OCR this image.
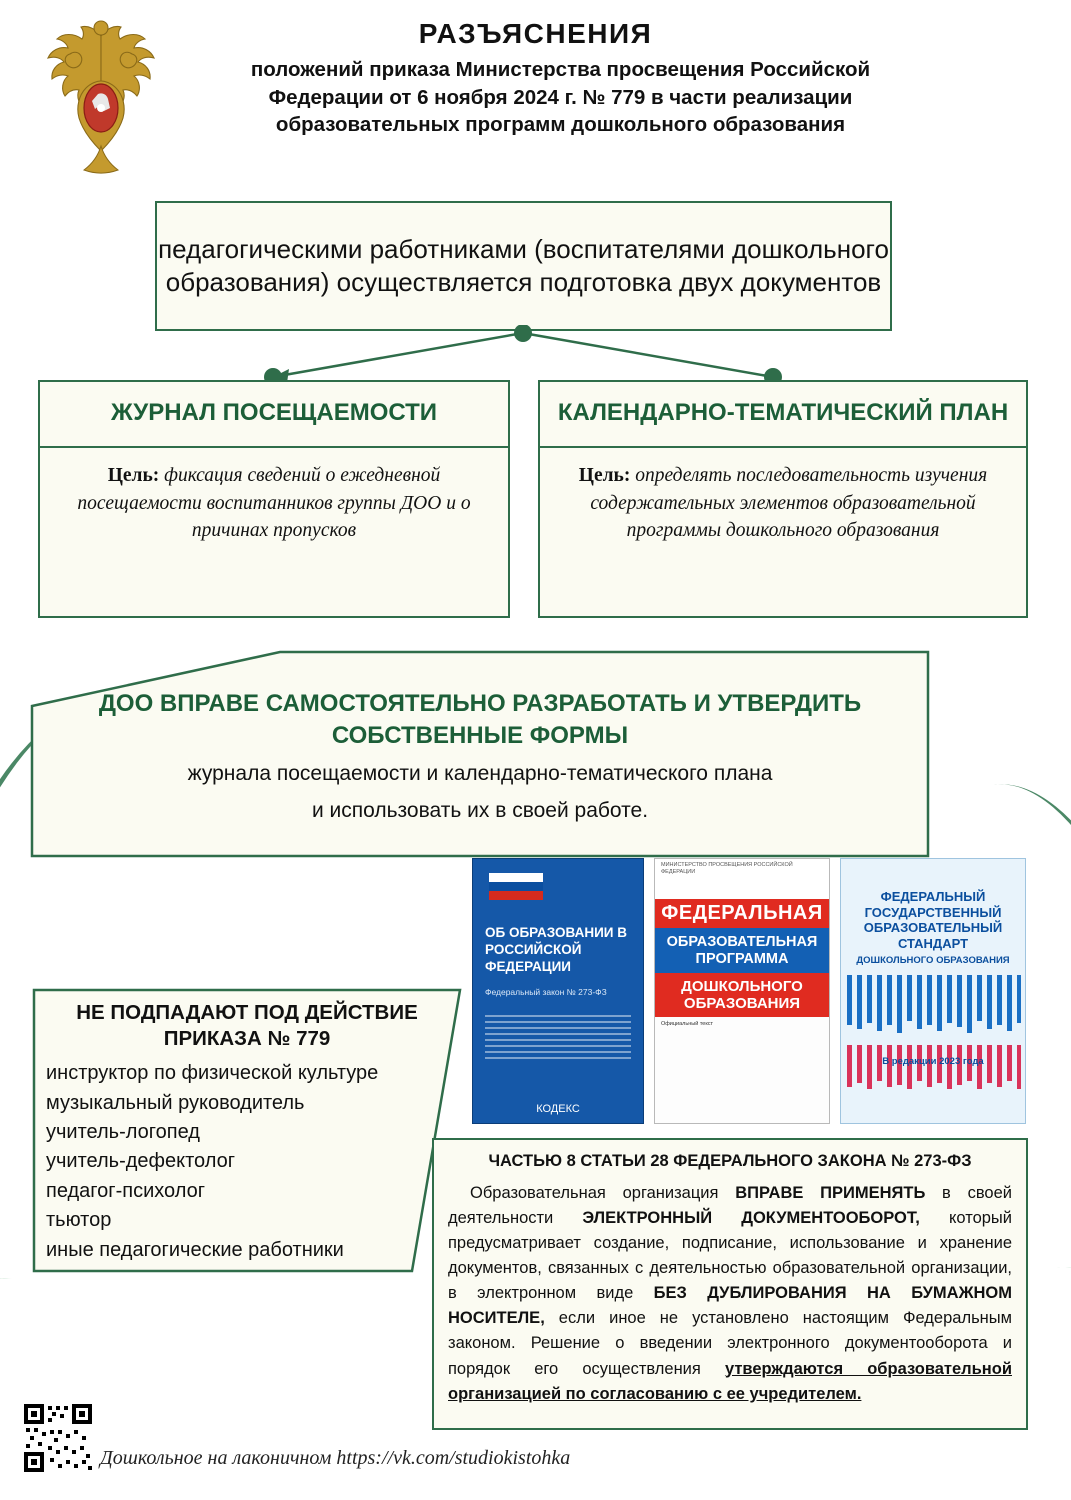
РАЗЪЯСНЕНИЯ
положений приказа Министерства просвещения Российской Федерации от 6 ноября 2024 г. № 779 в части реализации образовательных программ дошкольного образования
педагогическими работниками (воспитателями дошкольного образования) осуществляется подготовка двух документов
ЖУРНАЛ ПОСЕЩАЕМОСТИ
Цель: фиксация сведений о ежедневной посещаемости воспитанников группы ДОО и о причинах пропусков
КАЛЕНДАРНО-ТЕМАТИЧЕСКИЙ ПЛАН
Цель: определять последовательность изучения содержательных элементов образовательной программы дошкольного образования
ДОО ВПРАВЕ САМОСТОЯТЕЛЬНО РАЗРАБОТАТЬ И УТВЕРДИТЬ СОБСТВЕННЫЕ ФОРМЫ
журнала посещаемости и календарно-тематического плана
и использовать их в своей работе.
НЕ ПОДПАДАЮТ ПОД ДЕЙСТВИЕ ПРИКАЗА № 779
инструктор по физической культуре
музыкальный руководитель
учитель-логопед
учитель-дефектолог
педагог-психолог
тьютор
иные педагогические работники
ОБ ОБРАЗОВАНИИ В РОССИЙСКОЙ ФЕДЕРАЦИИ
Федеральный закон № 273-ФЗ
КОДЕКС
МИНИСТЕРСТВО ПРОСВЕЩЕНИЯ РОССИЙСКОЙ ФЕДЕРАЦИИ
ФЕДЕРАЛЬНАЯ
ОБРАЗОВАТЕЛЬНАЯ ПРОГРАММА
ДОШКОЛЬНОГО ОБРАЗОВАНИЯ
Официальный текст
ФЕДЕРАЛЬНЫЙ ГОСУДАРСТВЕННЫЙ ОБРАЗОВАТЕЛЬНЫЙ СТАНДАРТ
ДОШКОЛЬНОГО ОБРАЗОВАНИЯ
В редакции 2023 года
ЧАСТЬЮ 8 СТАТЬИ 28 ФЕДЕРАЛЬНОГО ЗАКОНА № 273-ФЗ
Образовательная организация ВПРАВЕ ПРИМЕНЯТЬ в своей деятельности ЭЛЕКТРОННЫЙ ДОКУМЕНТООБОРОТ, который предусматривает создание, подписание, использование и хранение документов, связанных с деятельностью образовательной организации, в электронном виде БЕЗ ДУБЛИРОВАНИЯ НА БУМАЖНОМ НОСИТЕЛЕ, если иное не установлено настоящим Федеральным законом. Решение о введении электронного документооборота и порядок его осуществления утверждаются образовательной организацией по согласованию с ее учредителем.
Дошкольное на лаконичном https://vk.com/studiokistohka
